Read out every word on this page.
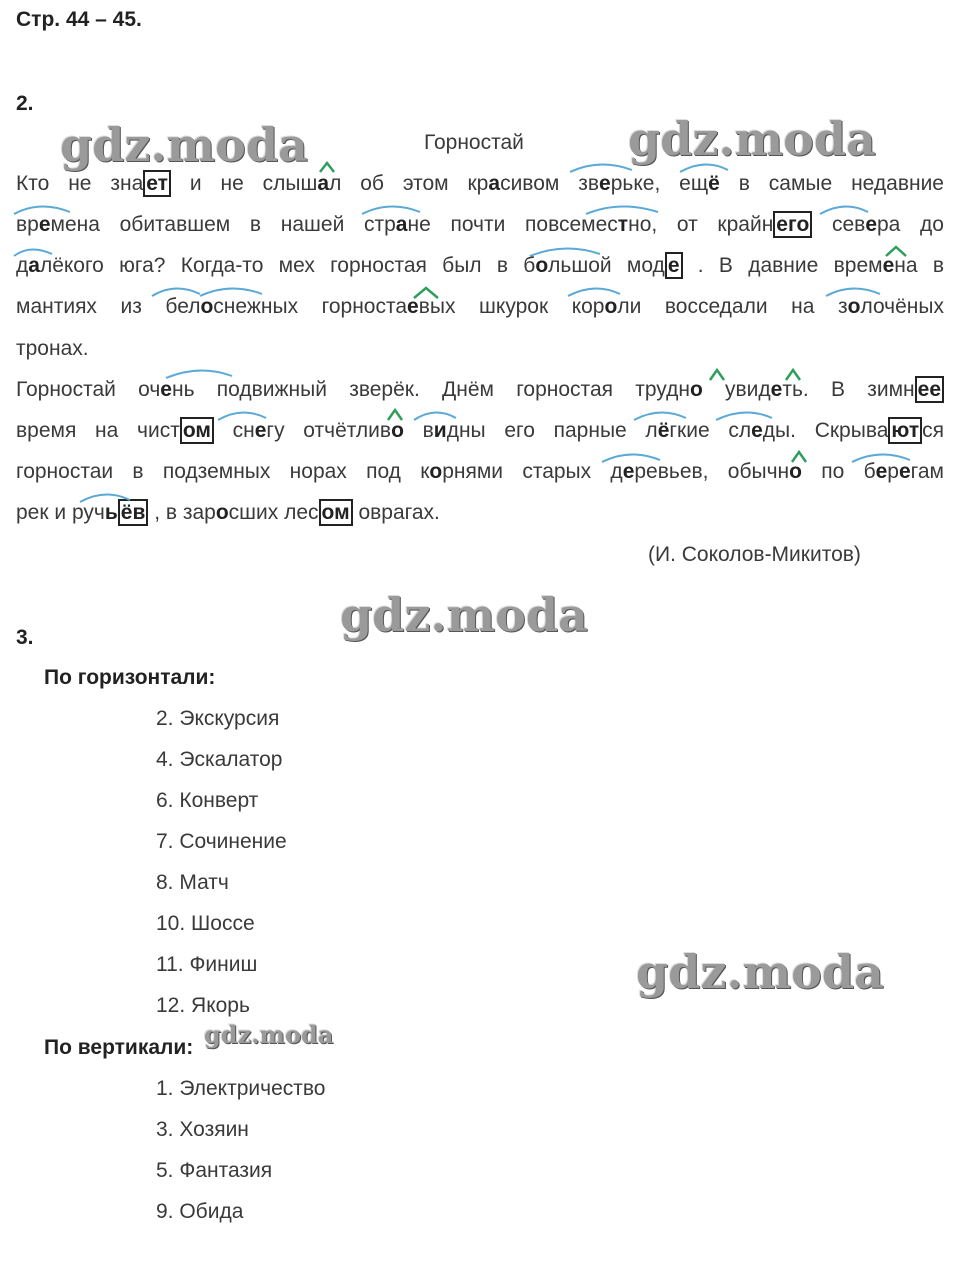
Стр. 44 – 45.
2.
Горностай
Кто не зна ет и не слышал об этом красивом зверьке, ещё в самые недавние
времена обитавшем в нашей стране почти повсеместно, от крайн его севера до
далёкого юга? Когда-то мех горностая был в большой мод е . В давние времена в
мантиях из белоснежных горностаевых шкурок короли восседали на золочёных
тронах.
Горностай очень подвижный зверёк. Днём горностая трудно увидеть. В зимн ее
время на чист ом снегу отчётливо видны его парные лёгкие следы. Скрыва ют ся
горностаи в подземных норах под корнями старых деревьев, обычно по берегам
рек и ручь ёв , в заросших лес ом оврагах.
(И. Соколов-Микитов)
3.
По горизонтали:
2. Экскурсия
4. Эскалатор
6. Конверт
7. Сочинение
8. Матч
10. Шоссе
11. Финиш
12. Якорь
По вертикали:
1. Электричество
3. Хозяин
5. Фантазия
9. Обида
gdz.moda	gdz.moda
gdz.moda
gdz.moda
gdz.moda
